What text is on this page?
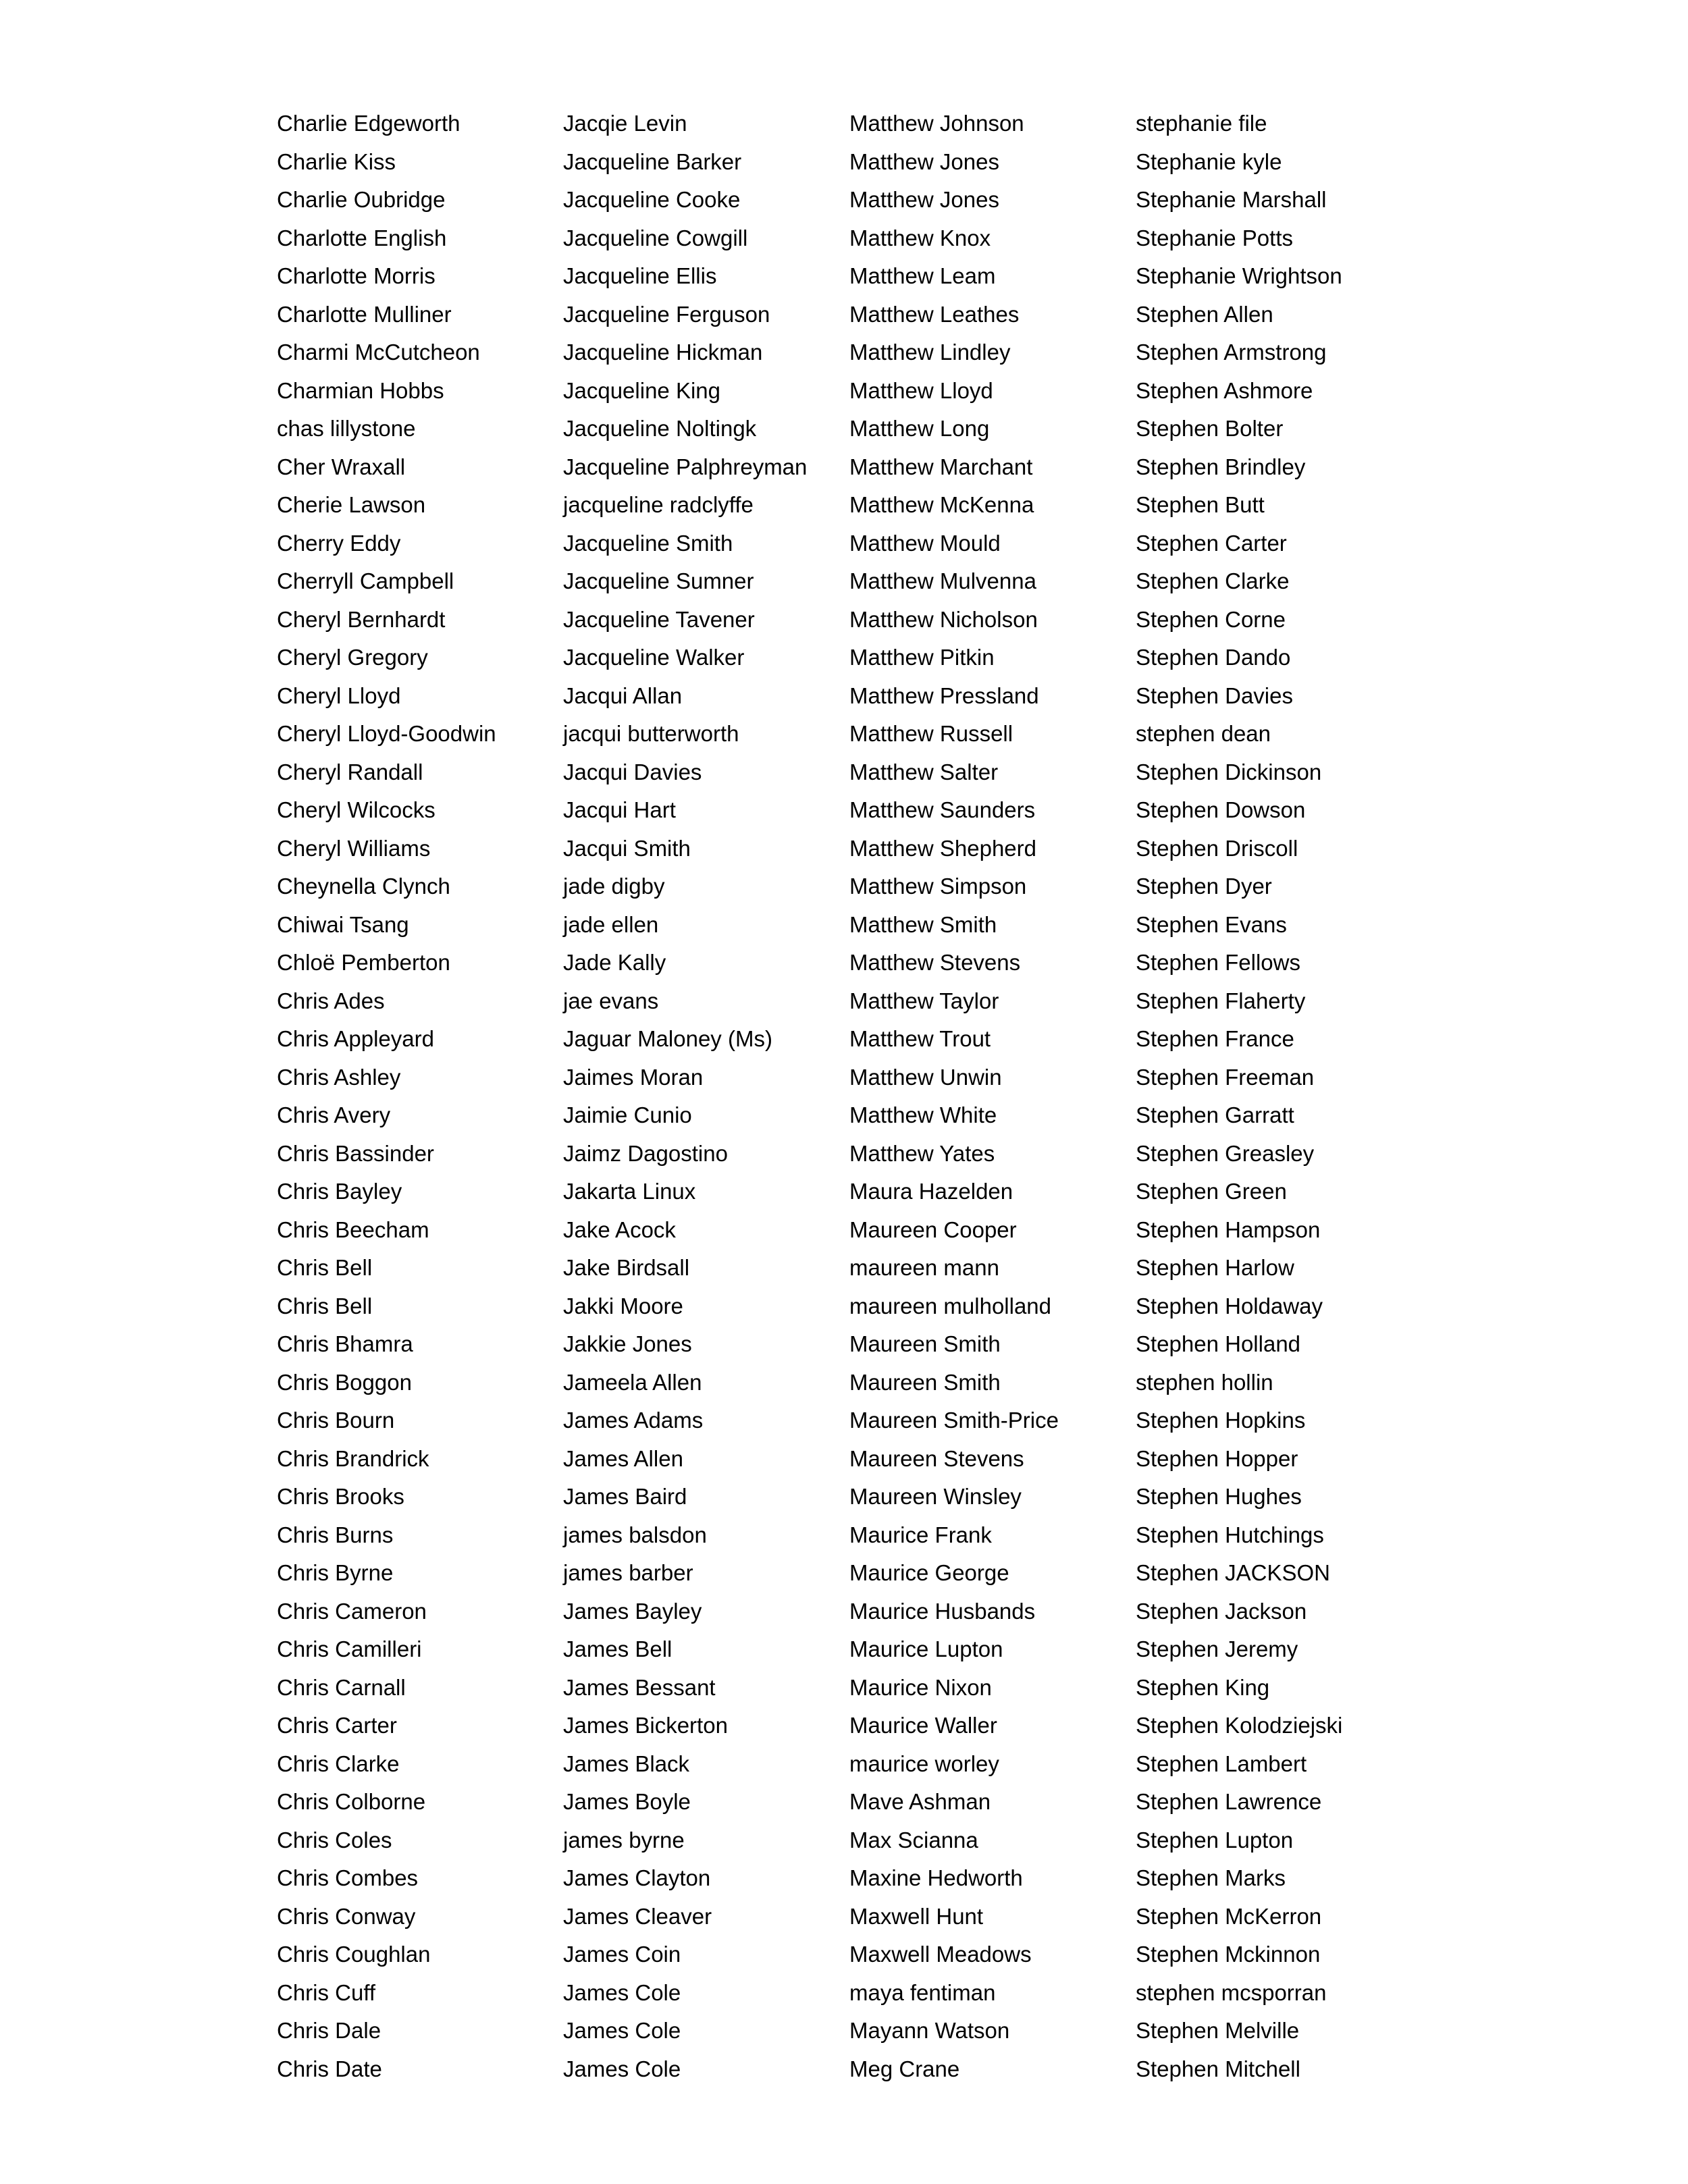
Charlie Edgeworth
Charlie Kiss
Charlie Oubridge
Charlotte English
Charlotte Morris
Charlotte Mulliner
Charmi McCutcheon
Charmian Hobbs
chas lillystone
Cher Wraxall
Cherie Lawson
Cherry Eddy
Cherryll Campbell
Cheryl Bernhardt
Cheryl Gregory
Cheryl Lloyd
Cheryl Lloyd-Goodwin
Cheryl Randall
Cheryl Wilcocks
Cheryl Williams
Cheynella Clynch
Chiwai Tsang
Chloë Pemberton
Chris Ades
Chris Appleyard
Chris Ashley
Chris Avery
Chris Bassinder
Chris Bayley
Chris Beecham
Chris Bell
Chris Bell
Chris Bhamra
Chris Boggon
Chris Bourn
Chris Brandrick
Chris Brooks
Chris Burns
Chris Byrne
Chris Cameron
Chris Camilleri
Chris Carnall
Chris Carter
Chris Clarke
Chris Colborne
Chris Coles
Chris Combes
Chris Conway
Chris Coughlan
Chris Cuff
Chris Dale
Chris Date
Jacqie Levin
Jacqueline Barker
Jacqueline Cooke
Jacqueline Cowgill
Jacqueline Ellis
Jacqueline Ferguson
Jacqueline Hickman
Jacqueline King
Jacqueline Noltingk
Jacqueline Palphreyman
jacqueline radclyffe
Jacqueline Smith
Jacqueline Sumner
Jacqueline Tavener
Jacqueline Walker
Jacqui Allan
jacqui butterworth
Jacqui Davies
Jacqui Hart
Jacqui Smith
jade digby
jade ellen
Jade Kally
jae evans
Jaguar Maloney (Ms)
Jaimes Moran
Jaimie Cunio
Jaimz Dagostino
Jakarta Linux
Jake Acock
Jake Birdsall
Jakki Moore
Jakkie Jones
Jameela Allen
James Adams
James Allen
James Baird
james balsdon
james barber
James Bayley
James Bell
James Bessant
James Bickerton
James Black
James Boyle
james byrne
James Clayton
James Cleaver
James Coin
James Cole
James Cole
James Cole
Matthew Johnson
Matthew Jones
Matthew Jones
Matthew Knox
Matthew Leam
Matthew Leathes
Matthew Lindley
Matthew Lloyd
Matthew Long
Matthew Marchant
Matthew McKenna
Matthew Mould
Matthew Mulvenna
Matthew Nicholson
Matthew Pitkin
Matthew Pressland
Matthew Russell
Matthew Salter
Matthew Saunders
Matthew Shepherd
Matthew Simpson
Matthew Smith
Matthew Stevens
Matthew Taylor
Matthew Trout
Matthew Unwin
Matthew White
Matthew Yates
Maura Hazelden
Maureen Cooper
maureen mann
maureen mulholland
Maureen Smith
Maureen Smith
Maureen Smith-Price
Maureen Stevens
Maureen Winsley
Maurice Frank
Maurice George
Maurice Husbands
Maurice Lupton
Maurice Nixon
Maurice Waller
maurice worley
Mave Ashman
Max Scianna
Maxine Hedworth
Maxwell Hunt
Maxwell Meadows
maya fentiman
Mayann Watson
Meg Crane
stephanie file
Stephanie kyle
Stephanie Marshall
Stephanie Potts
Stephanie Wrightson
Stephen Allen
Stephen Armstrong
Stephen Ashmore
Stephen Bolter
Stephen Brindley
Stephen Butt
Stephen Carter
Stephen Clarke
Stephen Corne
Stephen Dando
Stephen Davies
stephen dean
Stephen Dickinson
Stephen Dowson
Stephen Driscoll
Stephen Dyer
Stephen Evans
Stephen Fellows
Stephen Flaherty
Stephen France
Stephen Freeman
Stephen Garratt
Stephen Greasley
Stephen Green
Stephen Hampson
Stephen Harlow
Stephen Holdaway
Stephen Holland
stephen hollin
Stephen Hopkins
Stephen Hopper
Stephen Hughes
Stephen Hutchings
Stephen JACKSON
Stephen Jackson
Stephen Jeremy
Stephen King
Stephen Kolodziejski
Stephen Lambert
Stephen Lawrence
Stephen Lupton
Stephen Marks
Stephen McKerron
Stephen Mckinnon
stephen mcsporran
Stephen Melville
Stephen Mitchell
